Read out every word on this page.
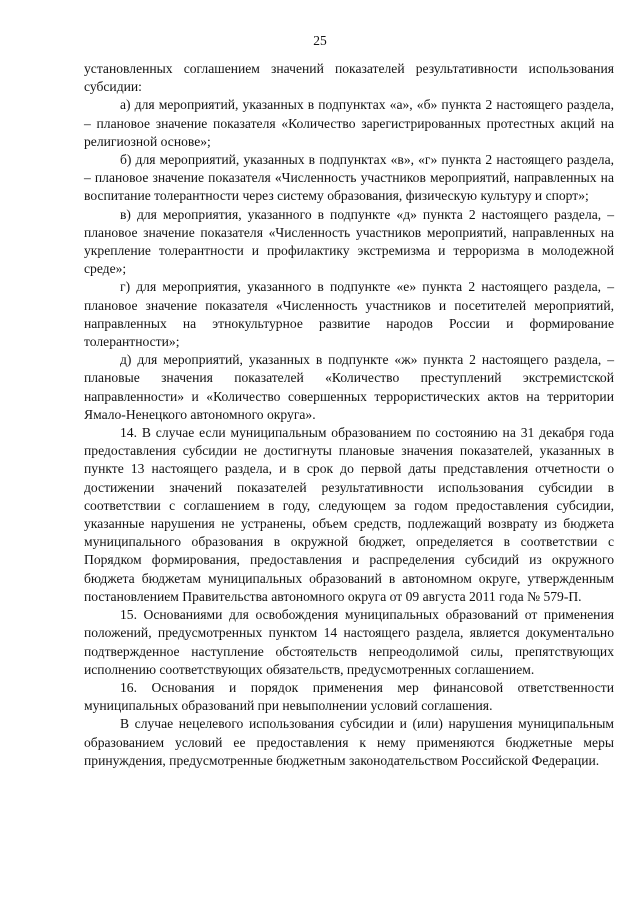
25

установленных соглашением значений показателей результативности использования субсидии:

а) для мероприятий, указанных в подпунктах «а», «б» пункта 2 настоящего раздела, – плановое значение показателя «Количество зарегистрированных протестных акций на религиозной основе»;

б) для мероприятий, указанных в подпунктах «в», «г» пункта 2 настоящего раздела, – плановое значение показателя «Численность участников мероприятий, направленных на воспитание толерантности через систему образования, физическую культуру и спорт»;

в) для мероприятия, указанного в подпункте «д» пункта 2 настоящего раздела, – плановое значение показателя «Численность участников мероприятий, направленных на укрепление толерантности и профилактику экстремизма и терроризма в молодежной среде»;

г) для мероприятия, указанного в подпункте «е» пункта 2 настоящего раздела, – плановое значение показателя «Численность участников и посетителей мероприятий, направленных на этнокультурное развитие народов России и формирование толерантности»;

д) для мероприятий, указанных в подпункте «ж» пункта 2 настоящего раздела, – плановые значения показателей «Количество преступлений экстремистской направленности» и «Количество совершенных террористических актов на территории Ямало-Ненецкого автономного округа».

14. В случае если муниципальным образованием по состоянию на 31 декабря года предоставления субсидии не достигнуты плановые значения показателей, указанных в пункте 13 настоящего раздела, и в срок до первой даты представления отчетности о достижении значений показателей результативности использования субсидии в соответствии с соглашением в году, следующем за годом предоставления субсидии, указанные нарушения не устранены, объем средств, подлежащий возврату из бюджета муниципального образования в окружной бюджет, определяется в соответствии с Порядком формирования, предоставления и распределения субсидий из окружного бюджета бюджетам муниципальных образований в автономном округе, утвержденным постановлением Правительства автономного округа от 09 августа 2011 года № 579-П.

15. Основаниями для освобождения муниципальных образований от применения положений, предусмотренных пунктом 14 настоящего раздела, является документально подтвержденное наступление обстоятельств непреодолимой силы, препятствующих исполнению соответствующих обязательств, предусмотренных соглашением.

16. Основания и порядок применения мер финансовой ответственности муниципальных образований при невыполнении условий соглашения.

В случае нецелевого использования субсидии и (или) нарушения муниципальным образованием условий ее предоставления к нему применяются бюджетные меры принуждения, предусмотренные бюджетным законодательством Российской Федерации.
